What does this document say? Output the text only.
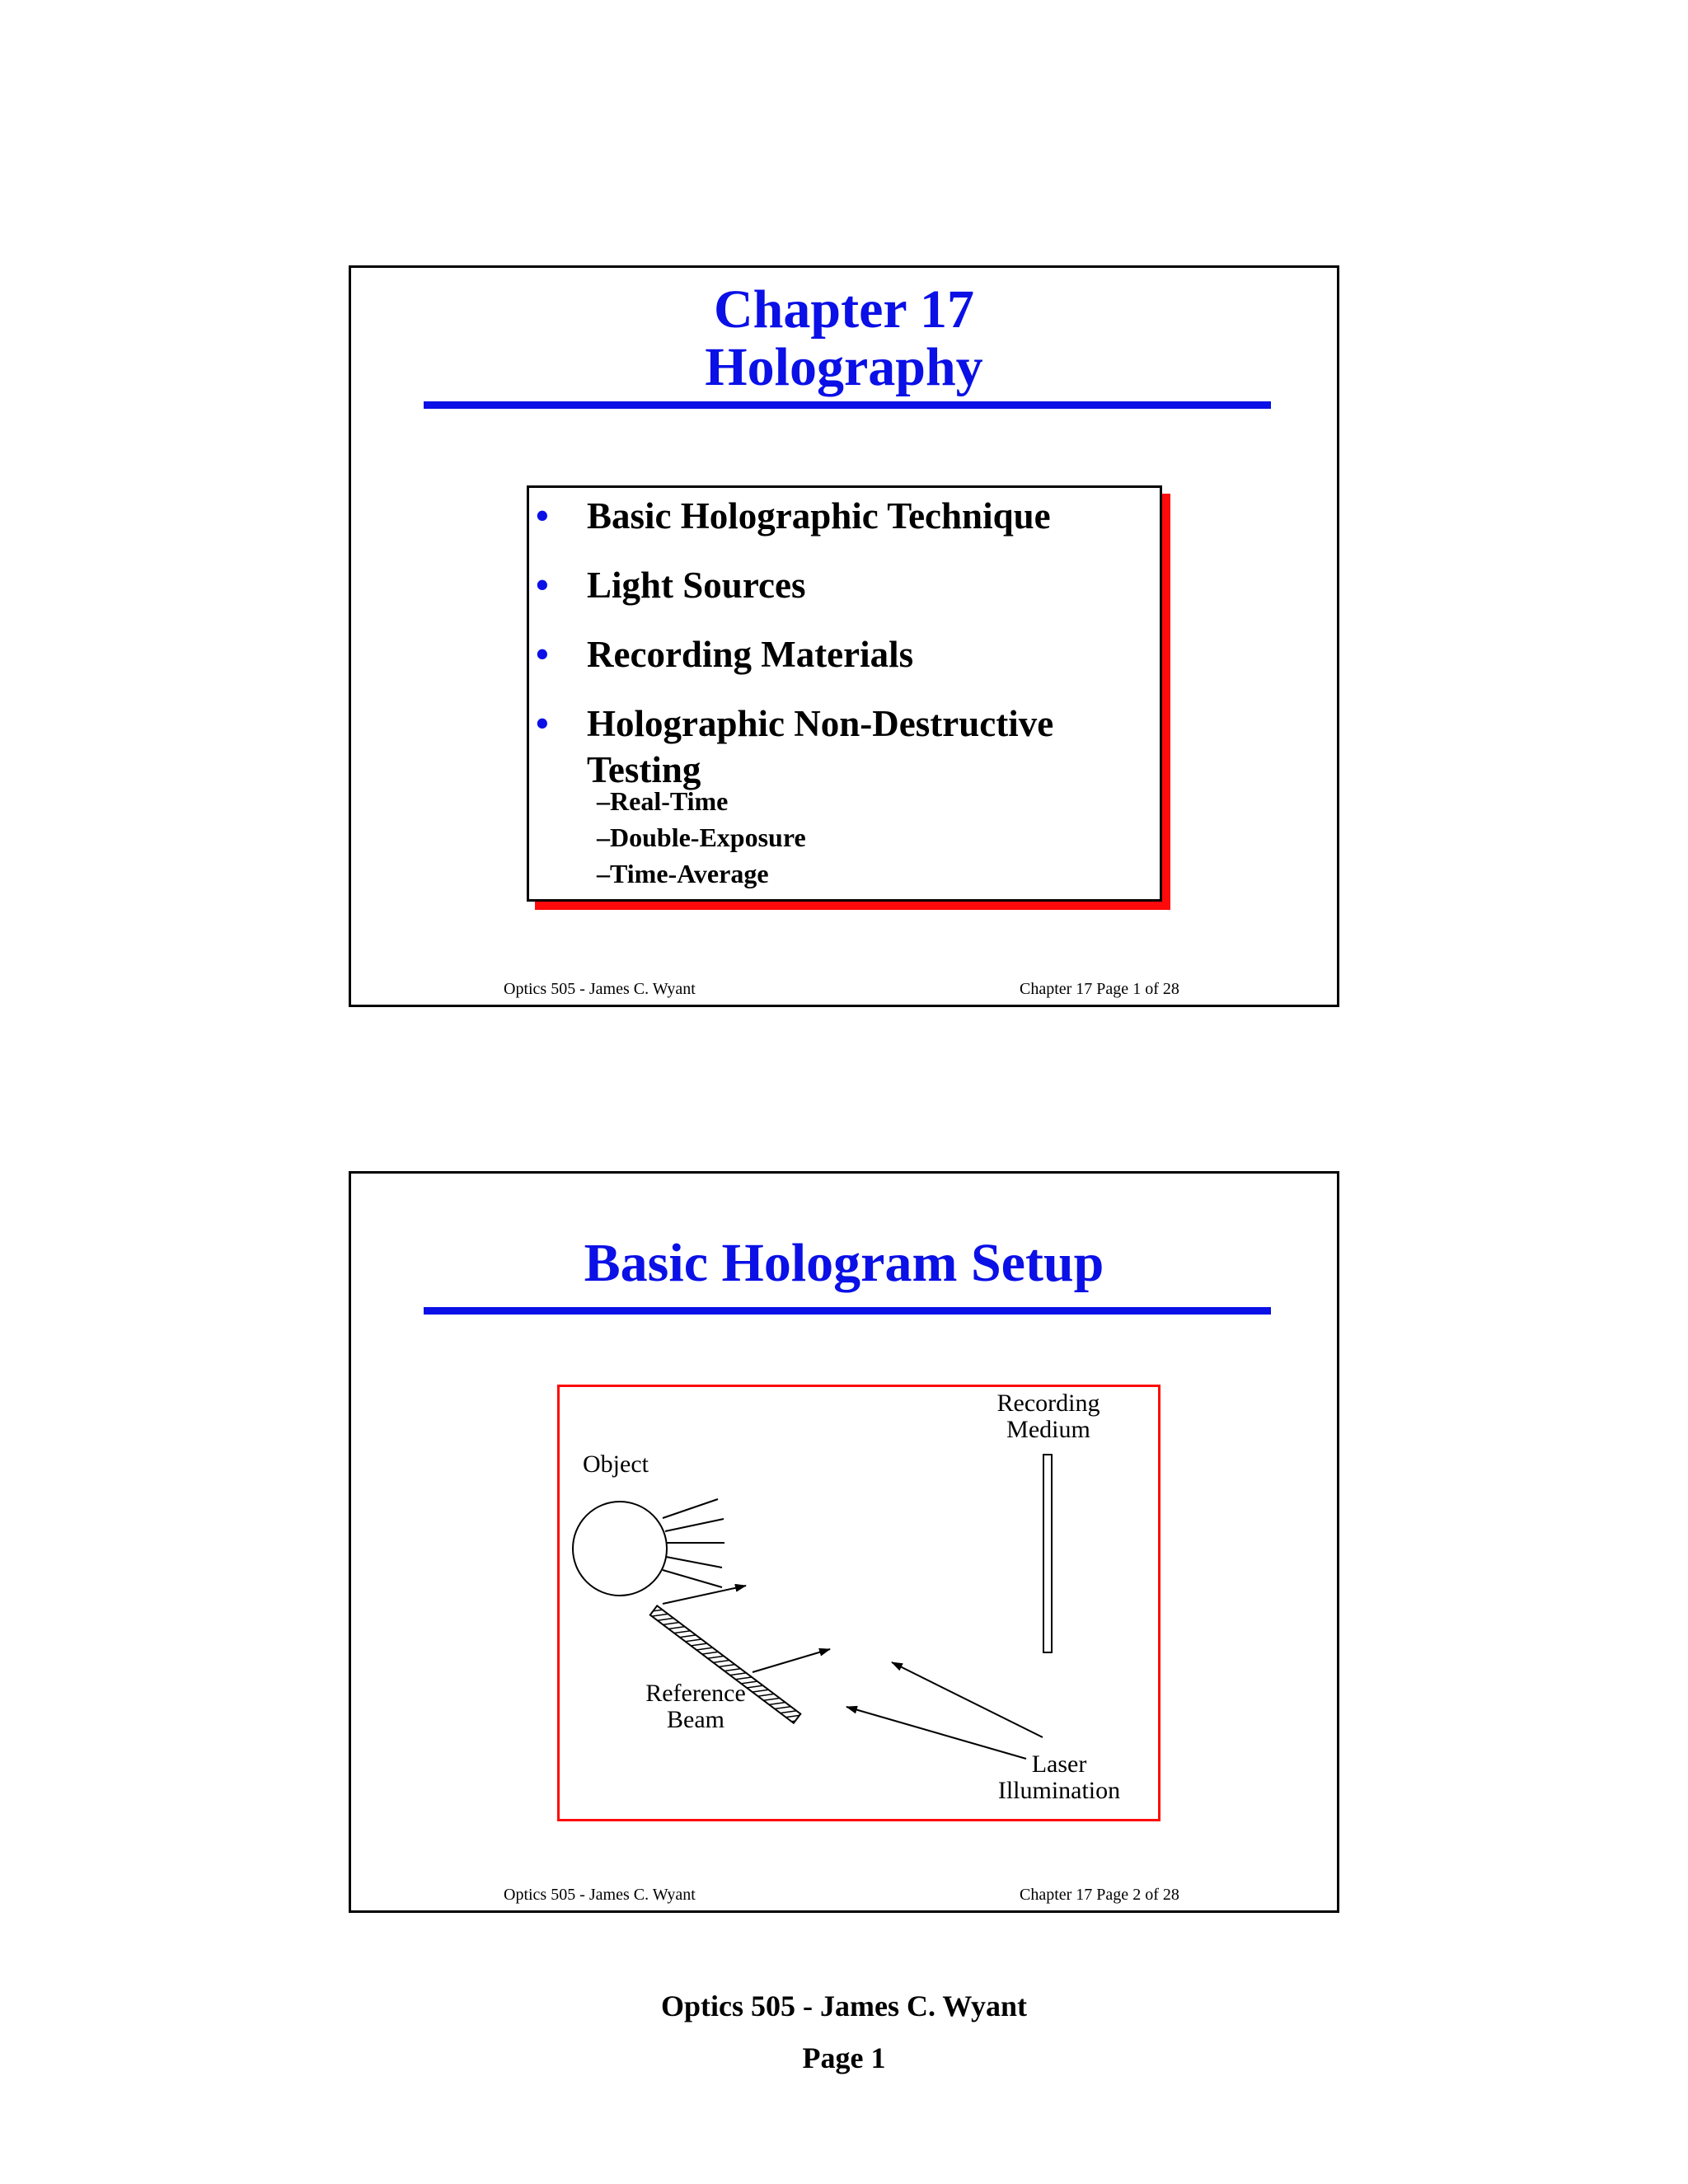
Chapter 17
Holography
• Basic Holographic Technique
• Light Sources
• Recording Materials
• Holographic Non-Destructive Testing
–Real-Time
–Double-Exposure
–Time-Average
Optics 505 - James C. Wyant	Chapter 17 Page 1 of 28
Basic Hologram Setup
Object
Recording
Medium
Reference
Beam
Laser
Illumination
Optics 505 - James C. Wyant	Chapter 17 Page 2 of 28
Optics 505 - James C. Wyant
Page 1
